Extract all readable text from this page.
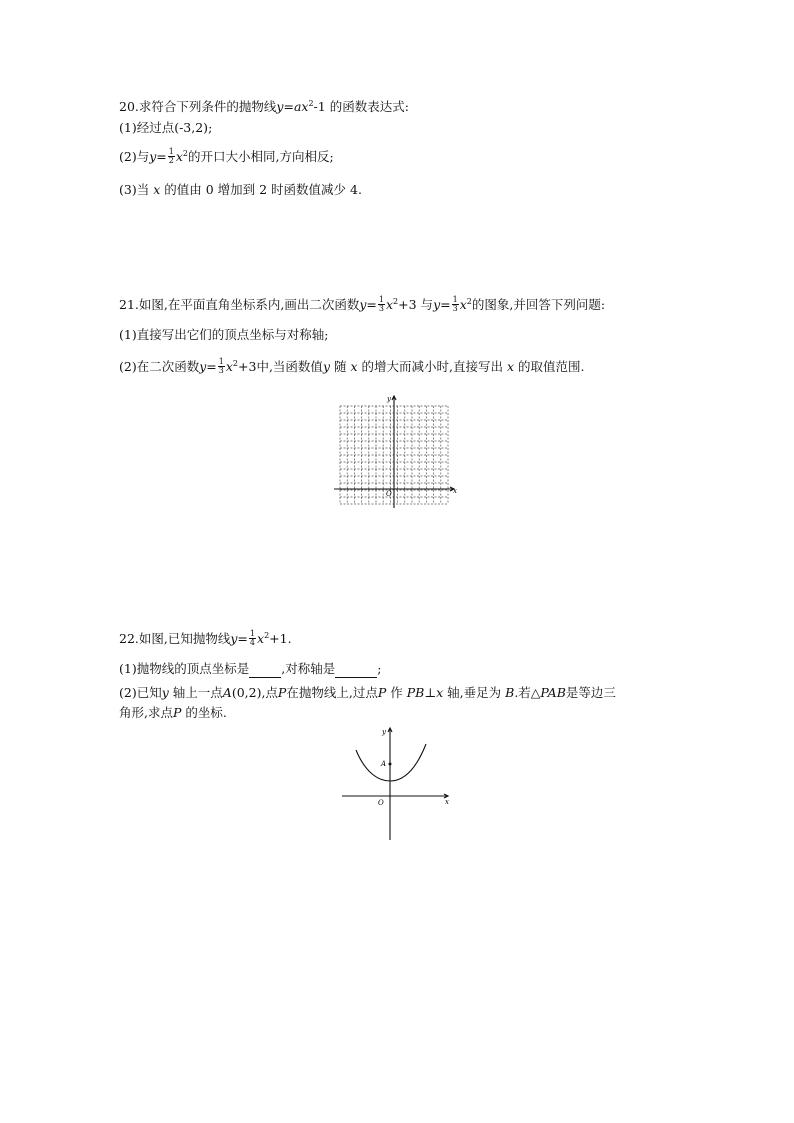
20.求符合下列条件的抛物线$y=ax^2-1$ 的函数表达式:
(1)经过点(-3,2);
(2)与$y= \frac{1}{2} x^2$的开口大小相同,方向相反;
(3)当 x 的值由 0 增加到 2 时函数值减少 4.
21.如图,在平面直角坐标系内,画出二次函数$y= \frac{1}{3} x^2+3$ 与$y= \frac{1}{3} x^2$的图象,并回答下列问题:
(1)直接写出它们的顶点坐标与对称轴;
(2)在二次函数$y= \frac{1}{3} x^2+3$中,当函数值y 随 x 的增大而减小时,直接写出 x 的取值范围.
y
x
O
22.如图,已知抛物线$y= \frac{1}{4} x^2+1$.
(1)抛物线的顶点坐标是	,对称轴是	;
(2)已知y 轴上一点A(0,2),点P在抛物线上,过点P 作 PB⊥x 轴,垂足为 B.若△PAB是等边三
角形,求点P 的坐标.
A
y
x
O
